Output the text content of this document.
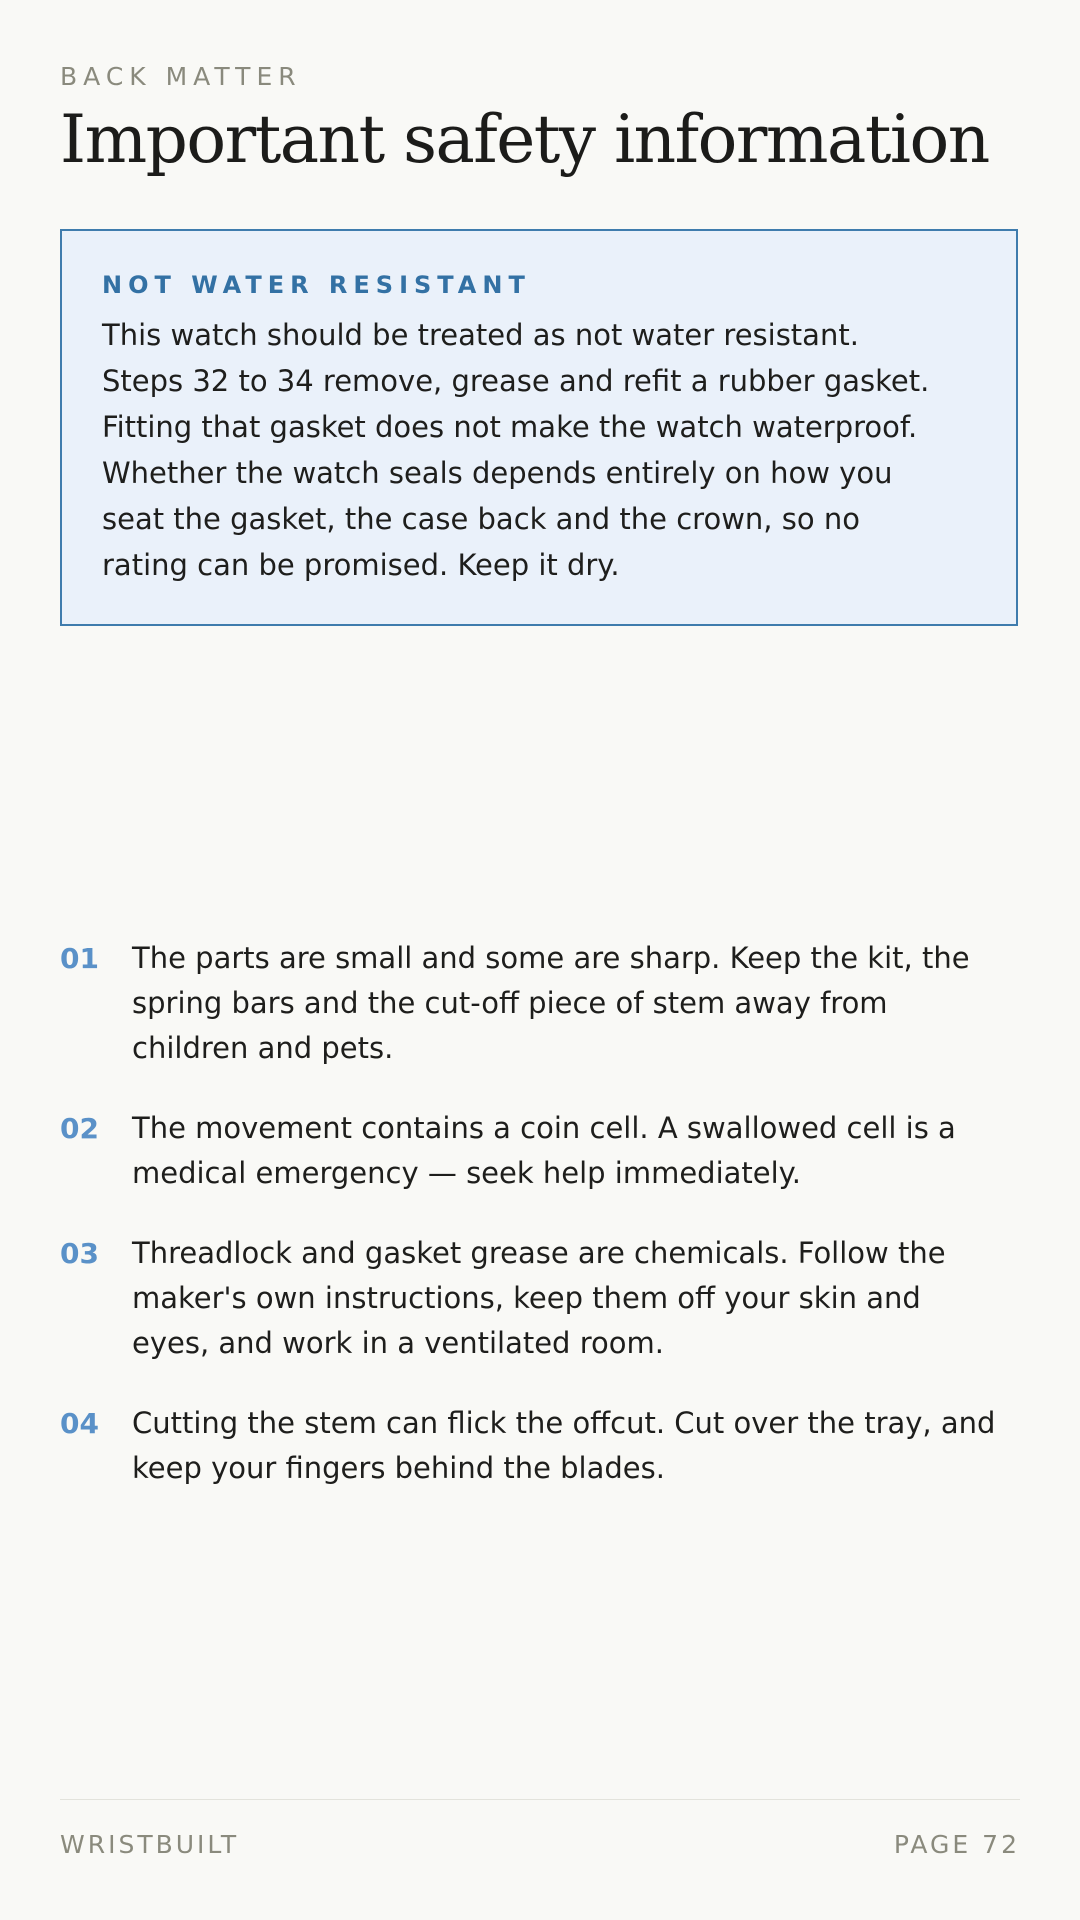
BACK MATTER
Important safety information
NOT WATER RESISTANT

This watch should be treated as not water resistant.
Steps 32 to 34 remove, grease and refit a rubber gasket.
Fitting that gasket does not make the watch waterproof.
Whether the watch seals depends entirely on how you
seat the gasket, the case back and the crown, so no
rating can be promised. Keep it dry.

01	The parts are small and some are sharp. Keep the kit, the
spring bars and the cut-off piece of stem away from
children and pets.
02	The movement contains a coin cell. A swallowed cell is a
medical emergency — seek help immediately.
03	Threadlock and gasket grease are chemicals. Follow the
maker's own instructions, keep them off your skin and
eyes, and work in a ventilated room.
04	Cutting the stem can flick the offcut. Cut over the tray, and
keep your fingers behind the blades.
WRISTBUILT	PAGE 72
